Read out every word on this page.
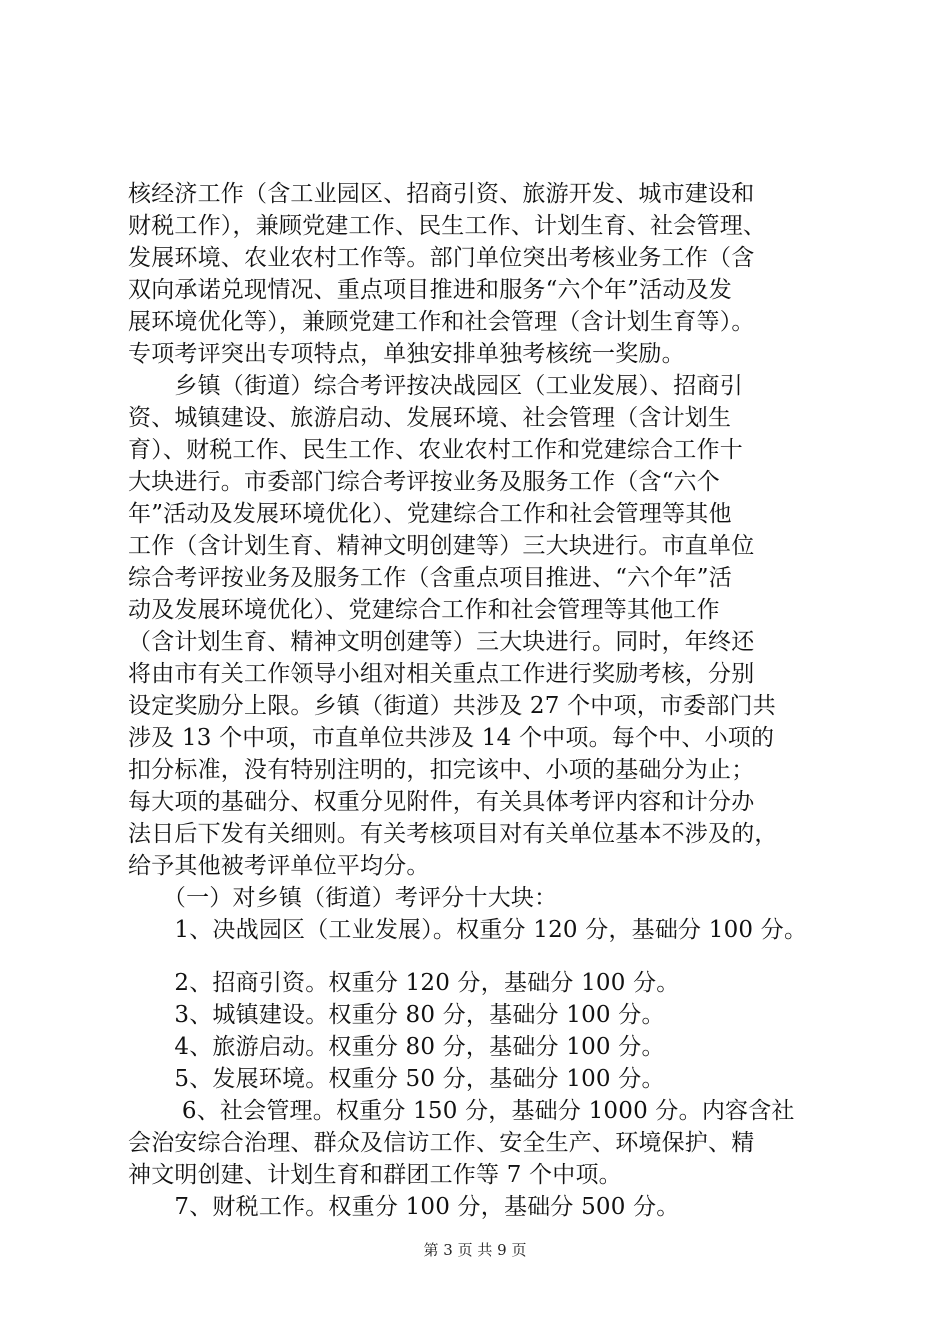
核经济工作（含工业园区、招商引资、旅游开发、城市建设和
财税工作），兼顾党建工作、民生工作、计划生育、社会管理、
发展环境、农业农村工作等。部门单位突出考核业务工作（含
双向承诺兑现情况、重点项目推进和服务“六个年”活动及发
展环境优化等），兼顾党建工作和社会管理（含计划生育等）。
专项考评突出专项特点，单独安排单独考核统一奖励。
　　乡镇（街道）综合考评按决战园区（工业发展）、招商引
资、城镇建设、旅游启动、发展环境、社会管理（含计划生
育）、财税工作、民生工作、农业农村工作和党建综合工作十
大块进行。市委部门综合考评按业务及服务工作（含“六个
年”活动及发展环境优化）、党建综合工作和社会管理等其他
工作（含计划生育、精神文明创建等）三大块进行。市直单位
综合考评按业务及服务工作（含重点项目推进、“六个年”活
动及发展环境优化）、党建综合工作和社会管理等其他工作
（含计划生育、精神文明创建等）三大块进行。同时，年终还
将由市有关工作领导小组对相关重点工作进行奖励考核，分别
设定奖励分上限。乡镇（街道）共涉及 27 个中项，市委部门共
涉及 13 个中项，市直单位共涉及 14 个中项。每个中、小项的
扣分标准，没有特别注明的，扣完该中、小项的基础分为止；
每大项的基础分、权重分见附件，有关具体考评内容和计分办
法日后下发有关细则。有关考核项目对有关单位基本不涉及的，
给予其他被考评单位平均分。
　　（一）对乡镇（街道）考评分十大块：
　　1、决战园区（工业发展）。权重分 120 分，基础分 100 分。
　　2、招商引资。权重分 120 分，基础分 100 分。
　　3、城镇建设。权重分 80 分，基础分 100 分。
　　4、旅游启动。权重分 80 分，基础分 100 分。
　　5、发展环境。权重分 50 分，基础分 100 分。
　　 6、社会管理。权重分 150 分，基础分 1000 分。内容含社
会治安综合治理、群众及信访工作、安全生产、环境保护、精
神文明创建、计划生育和群团工作等 7 个中项。
　　7、财税工作。权重分 100 分，基础分 500 分。
第 3 页 共 9 页
